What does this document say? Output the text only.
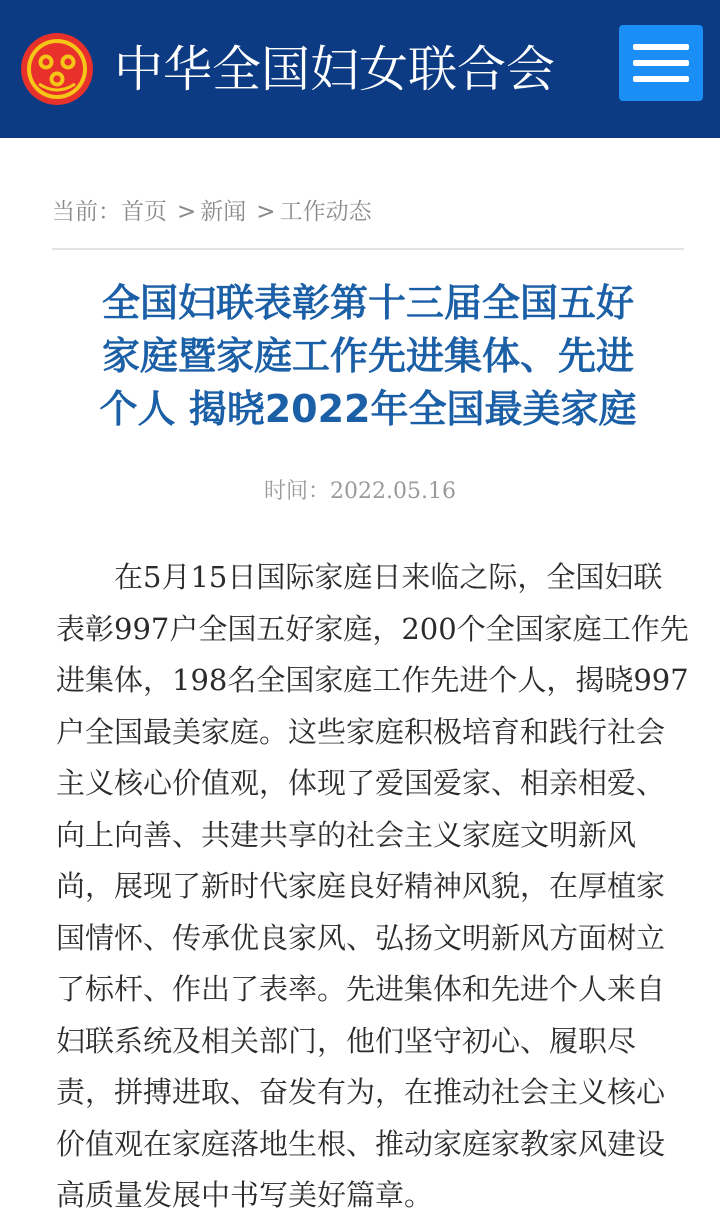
中华全国妇女联合会
当前：首页 > 新闻 > 工作动态
全国妇联表彰第十三届全国五好
家庭暨家庭工作先进集体、先进
个人 揭晓2022年全国最美家庭
时间：2022.05.16
　　在5月15日国际家庭日来临之际，全国妇联
表彰997户全国五好家庭，200个全国家庭工作先
进集体，198名全国家庭工作先进个人，揭晓997
户全国最美家庭。这些家庭积极培育和践行社会
主义核心价值观，体现了爱国爱家、相亲相爱、
向上向善、共建共享的社会主义家庭文明新风
尚，展现了新时代家庭良好精神风貌，在厚植家
国情怀、传承优良家风、弘扬文明新风方面树立
了标杆、作出了表率。先进集体和先进个人来自
妇联系统及相关部门，他们坚守初心、履职尽
责，拼搏进取、奋发有为，在推动社会主义核心
价值观在家庭落地生根、推动家庭家教家风建设
高质量发展中书写美好篇章。
